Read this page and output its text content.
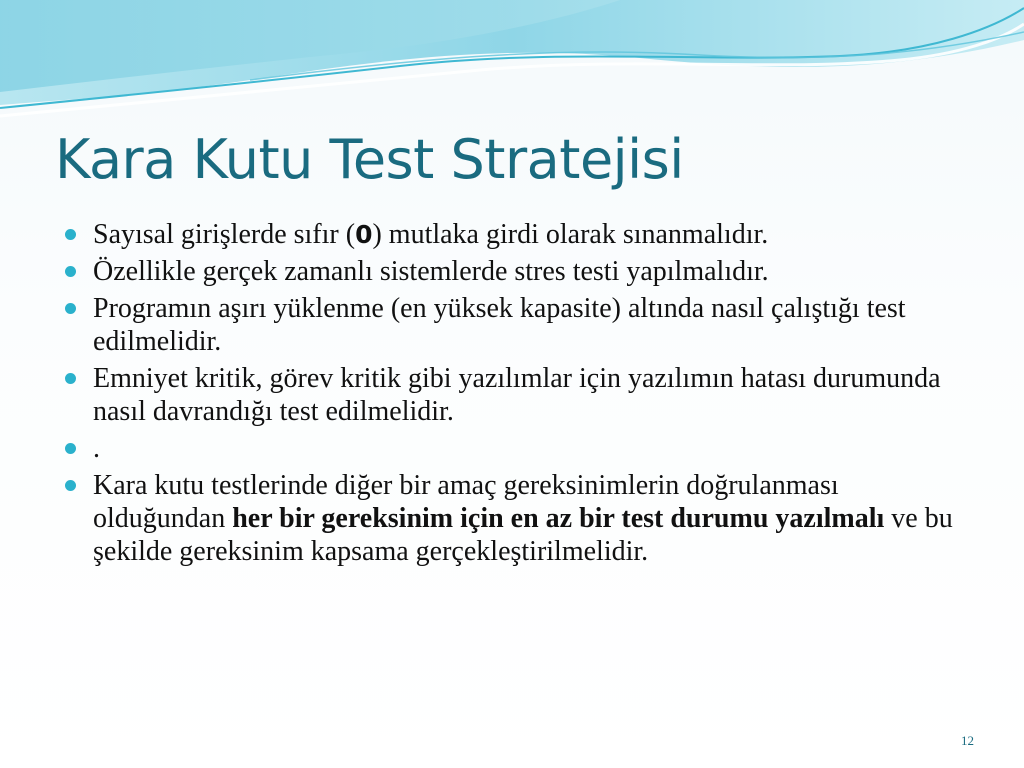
Kara Kutu Test Stratejisi
Sayısal girişlerde sıfır (0) mutlaka girdi olarak sınanmalıdır.
Özellikle gerçek zamanlı sistemlerde stres testi yapılmalıdır.
Programın aşırı yüklenme (en yüksek kapasite) altında nasıl çalıştığı test edilmelidir.
Emniyet kritik, görev kritik gibi yazılımlar için yazılımın hatası durumunda nasıl davrandığı test edilmelidir.
.
Kara kutu testlerinde diğer bir amaç gereksinimlerin doğrulanması olduğundan her bir gereksinim için en az bir test durumu yazılmalı ve bu şekilde gereksinim kapsama gerçekleştirilmelidir.
12
